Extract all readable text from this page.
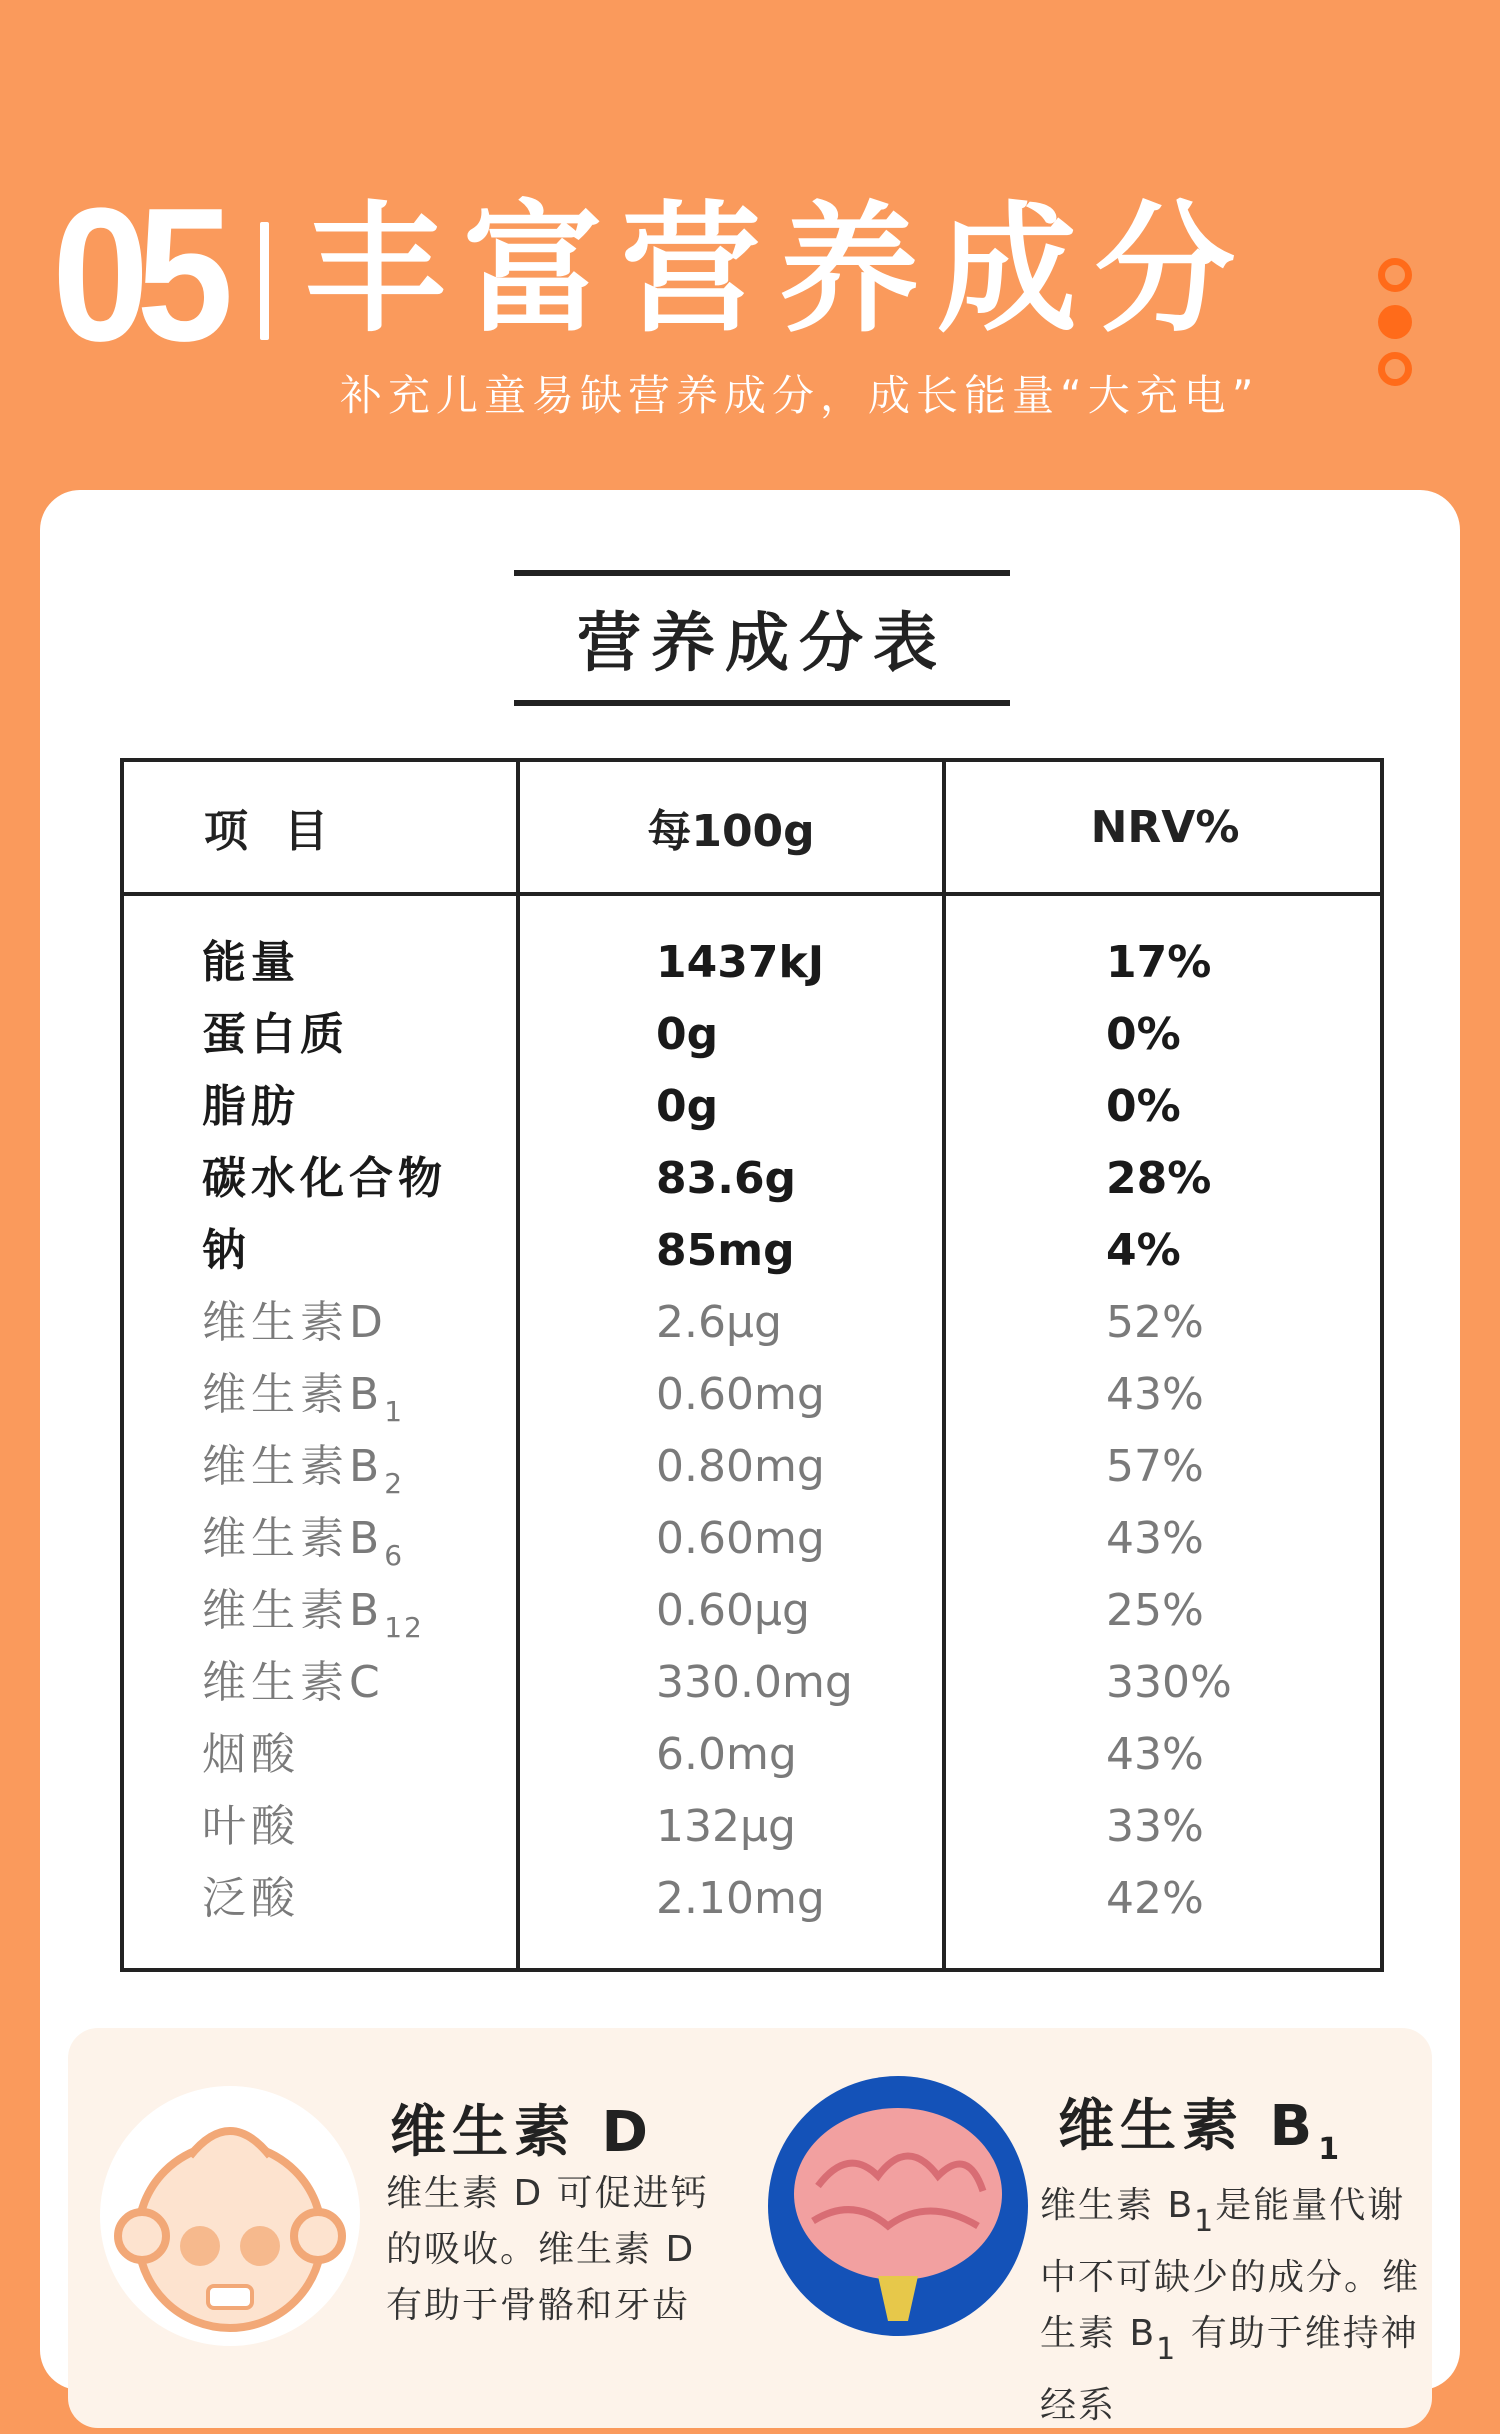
05 丰富营养成分
补充儿童易缺营养成分，成长能量“大充电”
营养成分表
项目	每100g	NRV%
能量	1437kJ	17%
蛋白质	0g	0%
脂肪	0g	0%
碳水化合物	83.6g	28%
钠	85mg	4%
维生素D	2.6μg	52%
维生素$B_1$	0.60mg	43%
维生素$B_2$	0.80mg	57%
维生素$B_6$	0.60mg	43%
维生素$B_{12}$	0.60μg	25%
维生素C	330.0mg	330%
烟酸	6.0mg	43%
叶酸	132μg	33%
泛酸	2.10mg	42%
维生素 D
维生素 D 可促进钙的吸收。维生素 D 有助于骨骼和牙齿
维生素 $B_1$
维生素 $B_1$是能量代谢中不可缺少的成分。维生素 $B_1$ 有助于维持神经系
